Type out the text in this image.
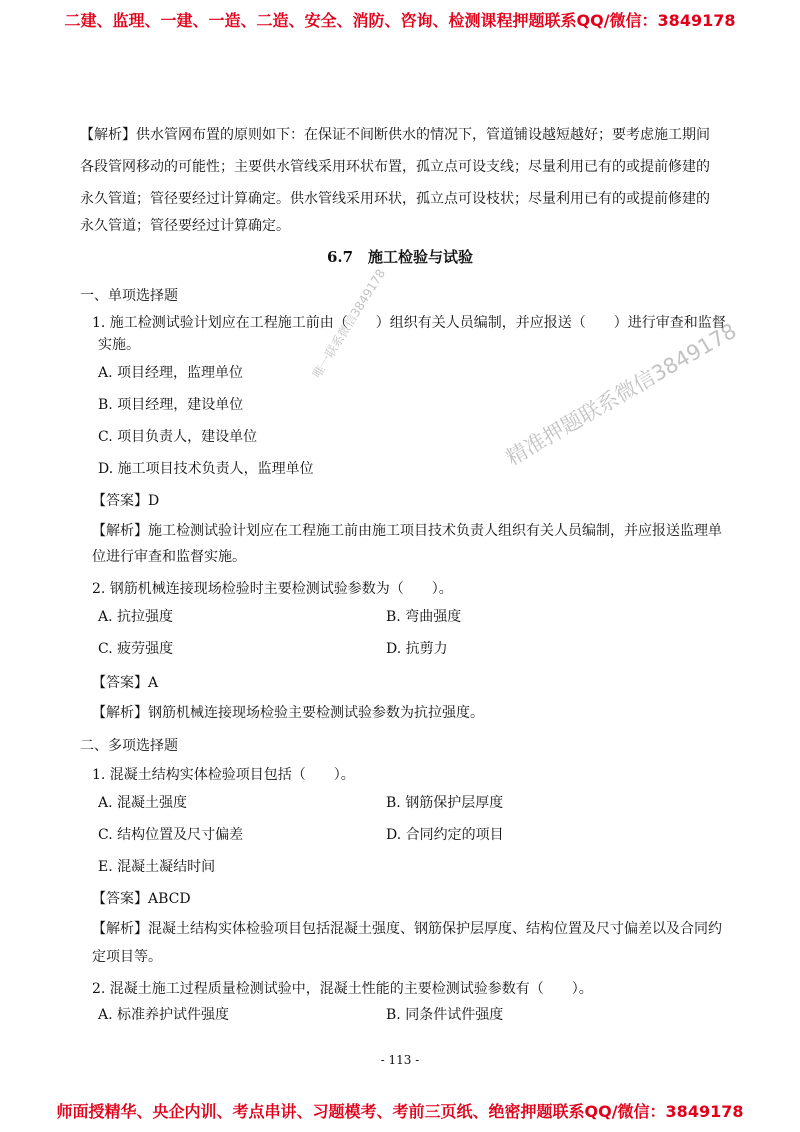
二建、监理、一建、一造、二造、安全、消防、咨询、检测课程押题联系QQ/微信：3849178
【解析】供水管网布置的原则如下：在保证不间断供水的情况下，管道铺设越短越好；要考虑施工期间
各段管网移动的可能性；主要供水管线采用环状布置，孤立点可设支线；尽量利用已有的或提前修建的
永久管道；管径要经过计算确定。供水管线采用环状，孤立点可设枝状；尽量利用已有的或提前修建的
永久管道；管径要经过计算确定。
6.7　施工检验与试验
一、单项选择题
1. 施工检测试验计划应在工程施工前由（　　）组织有关人员编制，并应报送（　　）进行审查和监督
实施。
A. 项目经理，监理单位
B. 项目经理，建设单位
C. 项目负责人，建设单位
D. 施工项目技术负责人，监理单位
【答案】D
【解析】施工检测试验计划应在工程施工前由施工项目技术负责人组织有关人员编制，并应报送监理单
位进行审查和监督实施。
2. 钢筋机械连接现场检验时主要检测试验参数为（　　）。
A. 抗拉强度	B. 弯曲强度
C. 疲劳强度	D. 抗剪力
【答案】A
【解析】钢筋机械连接现场检验主要检测试验参数为抗拉强度。
二、多项选择题
1. 混凝土结构实体检验项目包括（　　）。
A. 混凝土强度	B. 钢筋保护层厚度
C. 结构位置及尺寸偏差	D. 合同约定的项目
E. 混凝土凝结时间
【答案】ABCD
【解析】混凝土结构实体检验项目包括混凝土强度、钢筋保护层厚度、结构位置及尺寸偏差以及合同约
定项目等。
2. 混凝土施工过程质量检测试验中，混凝土性能的主要检测试验参数有（　　）。
A. 标准养护试件强度	B. 同条件试件强度
唯一联系微信3849178	精准押题联系微信3849178
- 113 -
师面授精华、央企内训、考点串讲、习题模考、考前三页纸、绝密押题联系QQ/微信：3849178
